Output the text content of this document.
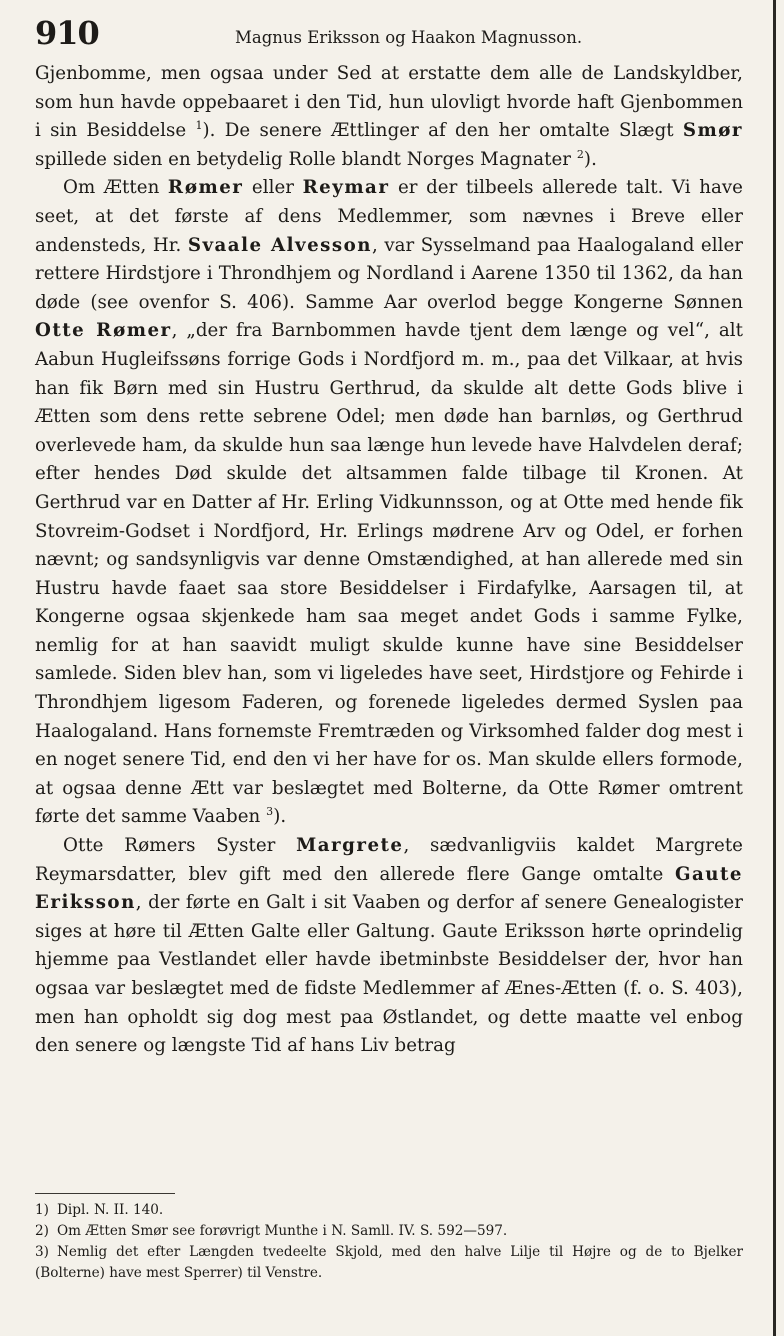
910	Magnus Eriksson og Haakon Magnusson.

Gjenbomme, men ogsaa under Sed at erstatte dem alle de Landskyldber, som hun havde oppebaaret i den Tid, hun ulovligt hvorde haft Gjenbommen i sin Besiddelse $^1$). De senere Ættlinger af den her omtalte Slægt Smør spillede siden en betydelig Rolle blandt Norges Magnater $^2$).

Om Ætten Rømer eller Reymar er der tilbeels allerede talt. Vi have seet, at det første af dens Medlemmer, som nævnes i Breve eller andensteds, Hr. Svaale Alvesson, var Sysselmand paa Haalogaland eller rettere Hirdstjore i Throndhjem og Nordland i Aarene 1350 til 1362, da han døde (see ovenfor S. 406). Samme Aar overlod begge Kongerne Sønnen Otte Rømer, „der fra Barnbommen havde tjent dem længe og vel“, alt Aabun Hugleifssøns forrige Gods i Nordfjord m. m., paa det Vilkaar, at hvis han fik Børn med sin Hustru Gerthrud, da skulde alt dette Gods blive i Ætten som dens rette sebrene Odel; men døde han barnløs, og Gerthrud overlevede ham, da skulde hun saa længe hun levede have Halvdelen deraf; efter hendes Død skulde det altsammen falde tilbage til Kronen. At Gerthrud var en Datter af Hr. Erling Vidkunnsson, og at Otte med hende fik Stovreim-Godset i Nordfjord, Hr. Erlings mødrene Arv og Odel, er forhen nævnt; og sandsynligvis var denne Omstændighed, at han allerede med sin Hustru havde faaet saa store Besiddelser i Firdafylke, Aarsagen til, at Kongerne ogsaa skjenkede ham saa meget andet Gods i samme Fylke, nemlig for at han saavidt muligt skulde kunne have sine Besiddelser samlede. Siden blev han, som vi ligeledes have seet, Hirdstjore og Fehirde i Throndhjem ligesom Faderen, og forenede ligeledes dermed Syslen paa Haalogaland. Hans fornemste Fremtræden og Virksomhed falder dog mest i en noget senere Tid, end den vi her have for os. Man skulde ellers formode, at ogsaa denne Ætt var beslægtet med Bolterne, da Otte Rømer omtrent førte det samme Vaaben $^3$).

Otte Rømers Syster Margrete, sædvanligviis kaldet Margrete Reymarsdatter, blev gift med den allerede flere Gange omtalte Gaute Eriksson, der førte en Galt i sit Vaaben og derfor af senere Genealogister siges at høre til Ætten Galte eller Galtung. Gaute Eriksson hørte oprindelig hjemme paa Vestlandet eller havde ibetminbste Besiddelser der, hvor han ogsaa var beslægtet med de fidste Medlemmer af Ænes-Ætten (f. o. S. 403), men han opholdt sig dog mest paa Østlandet, og dette maatte vel enbog den senere og længste Tid af hans Liv betrag

1) Dipl. N. II. 140.

2) Om Ætten Smør see forøvrigt Munthe i N. Samll. IV. S. 592—597.

3) Nemlig det efter Længden tvedeelte Skjold, med den halve Lilje til Højre og de to Bjelker (Bolterne) have mest Sperrer) til Venstre.
